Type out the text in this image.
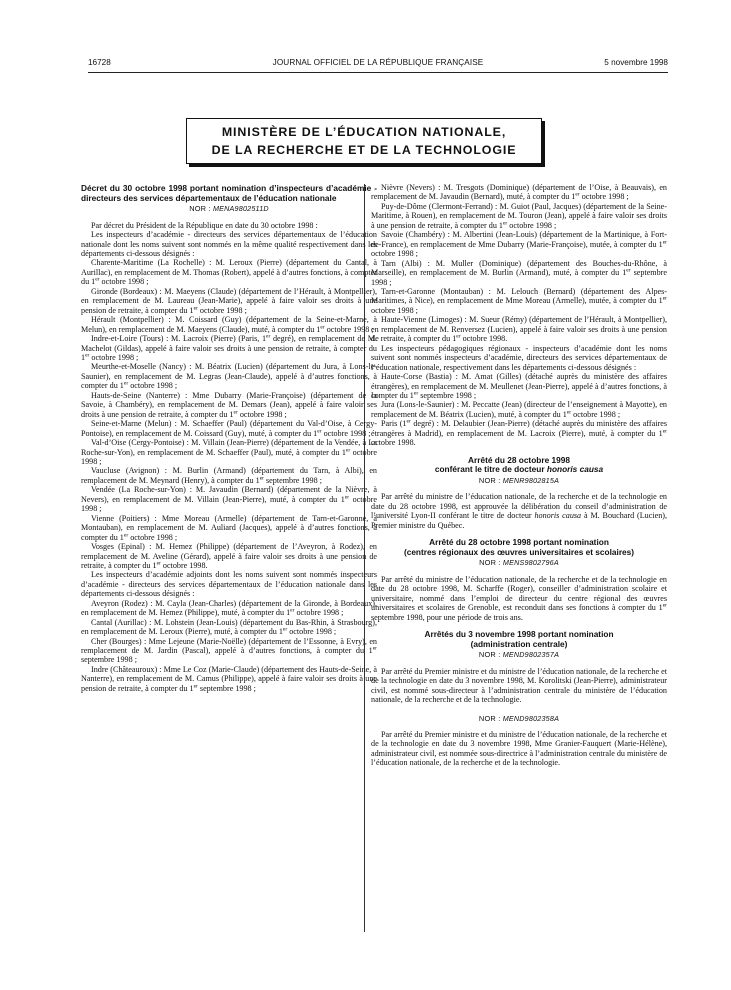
16728	JOURNAL OFFICIEL DE LA RÉPUBLIQUE FRANÇAISE	5 novembre 1998
MINISTÈRE DE L’ÉDUCATION NATIONALE,
DE LA RECHERCHE ET DE LA TECHNOLOGIE

Décret du 30 octobre 1998 portant nomination d’inspecteurs d’académie - directeurs des services départementaux de l’éducation nationale

NOR : MENA9802511D

Par décret du Président de la République en date du 30 octobre 1998 :

Les inspecteurs d’académie - directeurs des services départementaux de l’éducation nationale dont les noms suivent sont nommés en la même qualité respectivement dans les départements ci-dessous désignés :

Charente-Maritime (La Rochelle) : M. Leroux (Pierre) (département du Cantal, à Aurillac), en remplacement de M. Thomas (Robert), appelé à d’autres fonctions, à compter du 1er octobre 1998 ;

Gironde (Bordeaux) : M. Maeyens (Claude) (département de l’Hérault, à Montpellier), en remplacement de M. Laureau (Jean-Marie), appelé à faire valoir ses droits à une pension de retraite, à compter du 1er octobre 1998 ;

Hérault (Montpellier) : M. Coissard (Guy) (département de la Seine-et-Marne, à Melun), en remplacement de M. Maeyens (Claude), muté, à compter du 1er octobre 1998 ;

Indre-et-Loire (Tours) : M. Lacroix (Pierre) (Paris, 1er degré), en remplacement de M. Machelot (Gildas), appelé à faire valoir ses droits à une pension de retraite, à compter du 1er octobre 1998 ;

Meurthe-et-Moselle (Nancy) : M. Béatrix (Lucien) (département du Jura, à Lons-le-Saunier), en remplacement de M. Legras (Jean-Claude), appelé à d’autres fonctions, à compter du 1er octobre 1998 ;

Hauts-de-Seine (Nanterre) : Mme Dubarry (Marie-Françoise) (département de la Savoie, à Chambéry), en remplacement de M. Demars (Jean), appelé à faire valoir ses droits à une pension de retraite, à compter du 1er octobre 1998 ;

Seine-et-Marne (Melun) : M. Schaeffer (Paul) (département du Val-d’Oise, à Cergy-Pontoise), en remplacement de M. Coissard (Guy), muté, à compter du 1er octobre 1998 ;

Val-d’Oise (Cergy-Pontoise) : M. Villain (Jean-Pierre) (département de la Vendée, à La Roche-sur-Yon), en remplacement de M. Schaeffer (Paul), muté, à compter du 1er octobre 1998 ;

Vaucluse (Avignon) : M. Burlin (Armand) (département du Tarn, à Albi), en remplacement de M. Meynard (Henry), à compter du 1er septembre 1998 ;

Vendée (La Roche-sur-Yon) : M. Javaudin (Bernard) (département de la Nièvre, à Nevers), en remplacement de M. Villain (Jean-Pierre), muté, à compter du 1er octobre 1998 ;

Vienne (Poitiers) : Mme Moreau (Armelle) (département de Tarn-et-Garonne, à Montauban), en remplacement de M. Auliard (Jacques), appelé à d’autres fonctions, à compter du 1er octobre 1998 ;

Vosges (Epinal) : M. Hemez (Philippe) (département de l’Aveyron, à Rodez), en remplacement de M. Aveline (Gérard), appelé à faire valoir ses droits à une pension de retraite, à compter du 1er octobre 1998.

Les inspecteurs d’académie adjoints dont les noms suivent sont nommés inspecteurs d’académie - directeurs des services départementaux de l’éducation nationale dans les départements ci-dessous désignés :

Aveyron (Rodez) : M. Cayla (Jean-Charles) (département de la Gironde, à Bordeaux), en remplacement de M. Hemez (Philippe), muté, à compter du 1er octobre 1998 ;

Cantal (Aurillac) : M. Lohstein (Jean-Louis) (département du Bas-Rhin, à Strasbourg), en remplacement de M. Leroux (Pierre), muté, à compter du 1er octobre 1998 ;

Cher (Bourges) : Mme Lejeune (Marie-Noëlle) (département de l’Essonne, à Evry), en remplacement de M. Jardin (Pascal), appelé à d’autres fonctions, à compter du 1er septembre 1998 ;

Indre (Châteauroux) : Mme Le Coz (Marie-Claude) (département des Hauts-de-Seine, à Nanterre), en remplacement de M. Camus (Philippe), appelé à faire valoir ses droits à une pension de retraite, à compter du 1er septembre 1998 ;

Nièvre (Nevers) : M. Tresgots (Dominique) (département de l’Oise, à Beauvais), en remplacement de M. Javaudin (Bernard), muté, à compter du 1er octobre 1998 ;

Puy-de-Dôme (Clermont-Ferrand) : M. Guiot (Paul, Jacques) (département de la Seine-Maritime, à Rouen), en remplacement de M. Touron (Jean), appelé à faire valoir ses droits à une pension de retraite, à compter du 1er octobre 1998 ;

Savoie (Chambéry) : M. Albertini (Jean-Louis) (département de la Martinique, à Fort-de-France), en remplacement de Mme Dubarry (Marie-Françoise), mutée, à compter du 1er octobre 1998 ;

Tarn (Albi) : M. Muller (Dominique) (département des Bouches-du-Rhône, à Marseille), en remplacement de M. Burlin (Armand), muté, à compter du 1er septembre 1998 ;

Tarn-et-Garonne (Montauban) : M. Lelouch (Bernard) (département des Alpes-Maritimes, à Nice), en remplacement de Mme Moreau (Armelle), mutée, à compter du 1er octobre 1998 ;

Haute-Vienne (Limoges) : M. Sueur (Rémy) (département de l’Hérault, à Montpellier), en remplacement de M. Renversez (Lucien), appelé à faire valoir ses droits à une pension de retraite, à compter du 1er octobre 1998.

Les inspecteurs pédagogiques régionaux - inspecteurs d’académie dont les noms suivent sont nommés inspecteurs d’académie, directeurs des services départementaux de l’éducation nationale, respectivement dans les départements ci-dessous désignés :

Haute-Corse (Bastia) : M. Amat (Gilles) (détaché auprès du ministère des affaires étrangères), en remplacement de M. Meullenet (Jean-Pierre), appelé à d’autres fonctions, à compter du 1er septembre 1998 ;

Jura (Lons-le-Saunier) : M. Peccatte (Jean) (directeur de l’enseignement à Mayotte), en remplacement de M. Béatrix (Lucien), muté, à compter du 1er octobre 1998 ;

Paris (1er degré) : M. Delaubier (Jean-Pierre) (détaché auprès du ministère des affaires étrangères à Madrid), en remplacement de M. Lacroix (Pierre), muté, à compter du 1er octobre 1998.

Arrêté du 28 octobre 1998

conférant le titre de docteur honoris causa

NOR : MENR9802815A

Par arrêté du ministre de l’éducation nationale, de la recherche et de la technologie en date du 28 octobre 1998, est approuvée la délibération du conseil d’administration de l’université Lyon-II conférant le titre de docteur honoris causa à M. Bouchard (Lucien), Premier ministre du Québec.

Arrêté du 28 octobre 1998 portant nomination

(centres régionaux des œuvres universitaires et scolaires)

NOR : MENS9802796A

Par arrêté du ministre de l’éducation nationale, de la recherche et de la technologie en date du 28 octobre 1998, M. Scharffe (Roger), conseiller d’administration scolaire et universitaire, nommé dans l’emploi de directeur du centre régional des œuvres universitaires et scolaires de Grenoble, est reconduit dans ses fonctions à compter du 1er septembre 1998, pour une période de trois ans.

Arrêtés du 3 novembre 1998 portant nomination

(administration centrale)

NOR : MEND9802357A

Par arrêté du Premier ministre et du ministre de l’éducation nationale, de la recherche et de la technologie en date du 3 novembre 1998, M. Korolitski (Jean-Pierre), administrateur civil, est nommé sous-directeur à l’administration centrale du ministère de l’éducation nationale, de la recherche et de la technologie.

NOR : MEND9802358A

Par arrêté du Premier ministre et du ministre de l’éducation nationale, de la recherche et de la technologie en date du 3 novembre 1998, Mme Granier-Fauquert (Marie-Hélène), administrateur civil, est nommée sous-directrice à l’administration centrale du ministère de l’éducation nationale, de la recherche et de la technologie.
